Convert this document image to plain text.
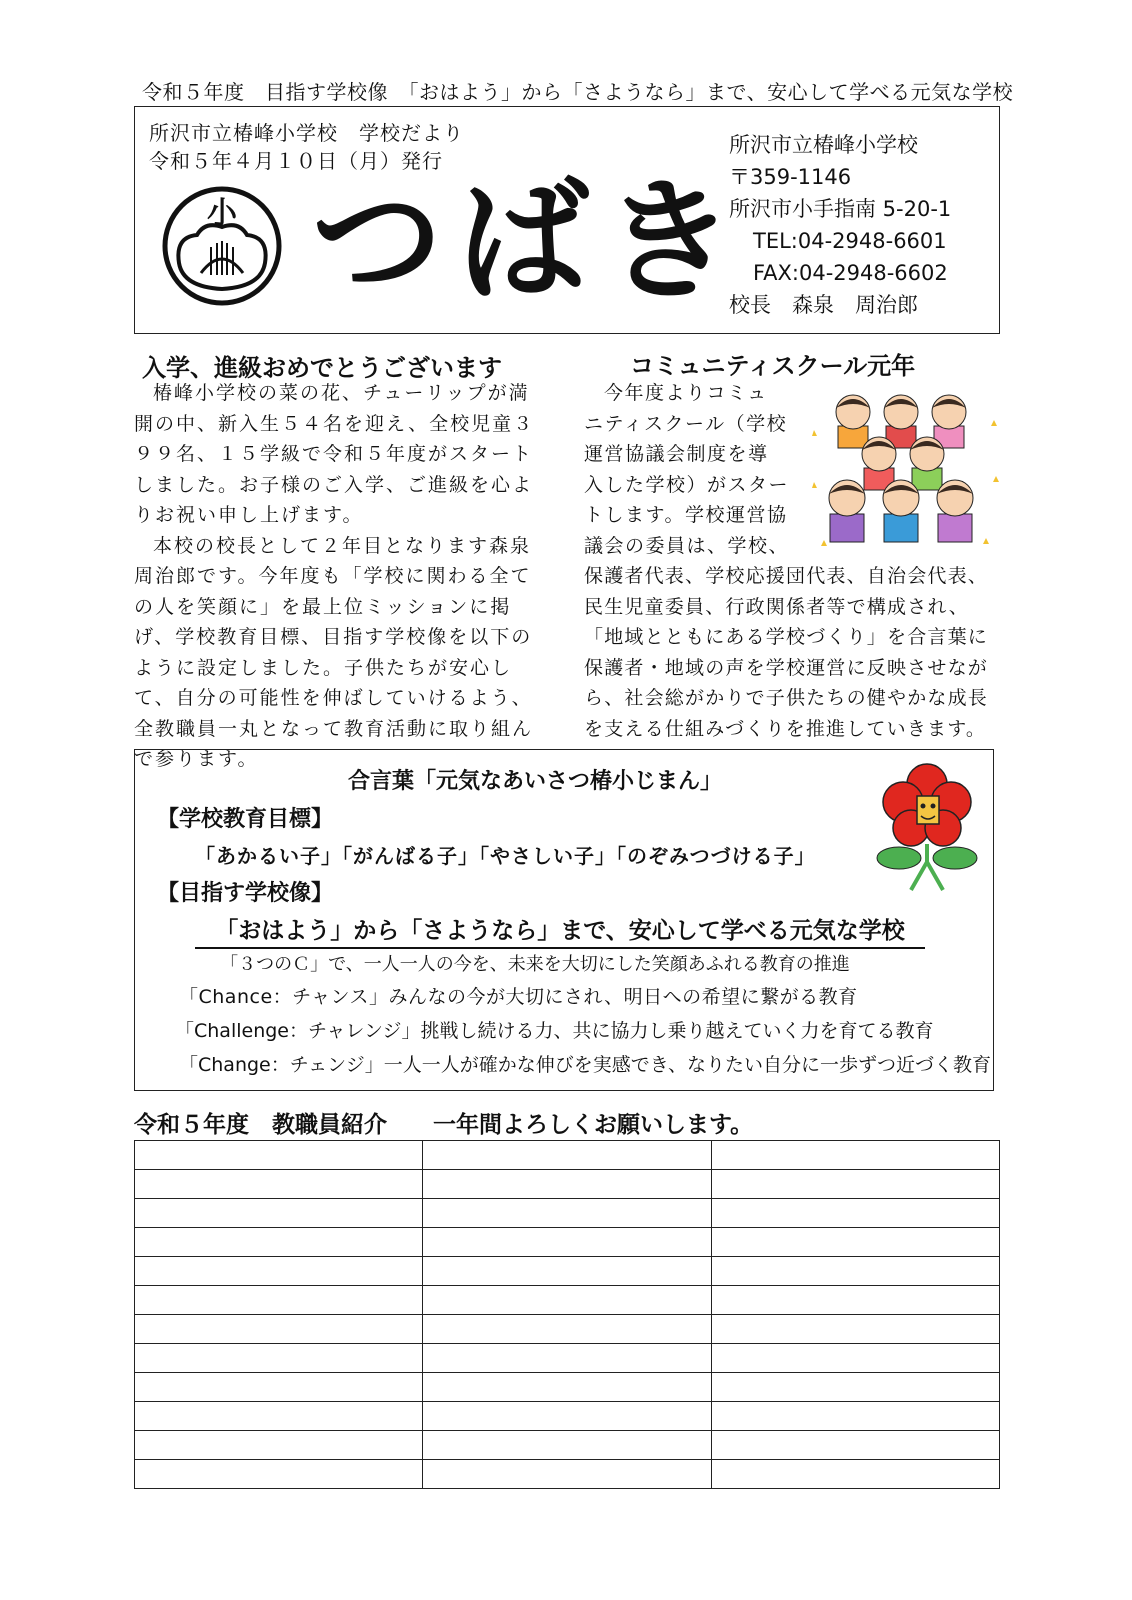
令和５年度　目指す学校像　「おはよう」から「さようなら」まで、安心して学べる元気な学校
所沢市立椿峰小学校　学校だより
令和５年４月１０日（月）発行
小 つばき
所沢市立椿峰小学校
〒359-1146
所沢市小手指南 5-20-1
TEL:04-2948-6601
FAX:04-2948-6602
校長　森泉　周治郎
入学、進級おめでとうございます

椿峰小学校の菜の花、チューリップが満開の中、新入生５４名を迎え、全校児童３９９名、１５学級で令和５年度がスタートしました。お子様のご入学、ご進級を心よりお祝い申し上げます。

本校の校長として２年目となります森泉周治郎です。今年度も「学校に関わる全ての人を笑顔に」を最上位ミッションに掲げ、学校教育目標、目指す学校像を以下のように設定しました。子供たちが安心して、自分の可能性を伸ばしていけるよう、全教職員一丸となって教育活動に取り組んで参ります。

コミュニティスクール元年
今年度よりコミュ
ニティスクール（学校
運営協議会制度を導
入した学校）がスター
トします。学校運営協
議会の委員は、学校、
保護者代表、学校応援団代表、自治会代表、民生児童委員、行政関係者等で構成され、「地域とともにある学校づくり」を合言葉に保護者・地域の声を学校運営に反映させながら、社会総がかりで子供たちの健やかな成長を支える仕組みづくりを推進していきます。
合言葉「元気なあいさつ椿小じまん」
【学校教育目標】
「あかるい子」「がんばる子」「やさしい子」「のぞみつづける子」
【目指す学校像】
「おはよう」から「さようなら」まで、安心して学べる元気な学校
「３つのＣ」で、一人一人の今を、未来を大切にした笑顔あふれる教育の推進
「Chance：チャンス」みんなの今が大切にされ、明日への希望に繋がる教育
「Challenge：チャレンジ」挑戦し続ける力、共に協力し乗り越えていく力を育てる教育
「Change：チェンジ」一人一人が確かな伸びを実感でき、なりたい自分に一歩ずつ近づく教育
令和５年度　教職員紹介　　一年間よろしくお願いします。
